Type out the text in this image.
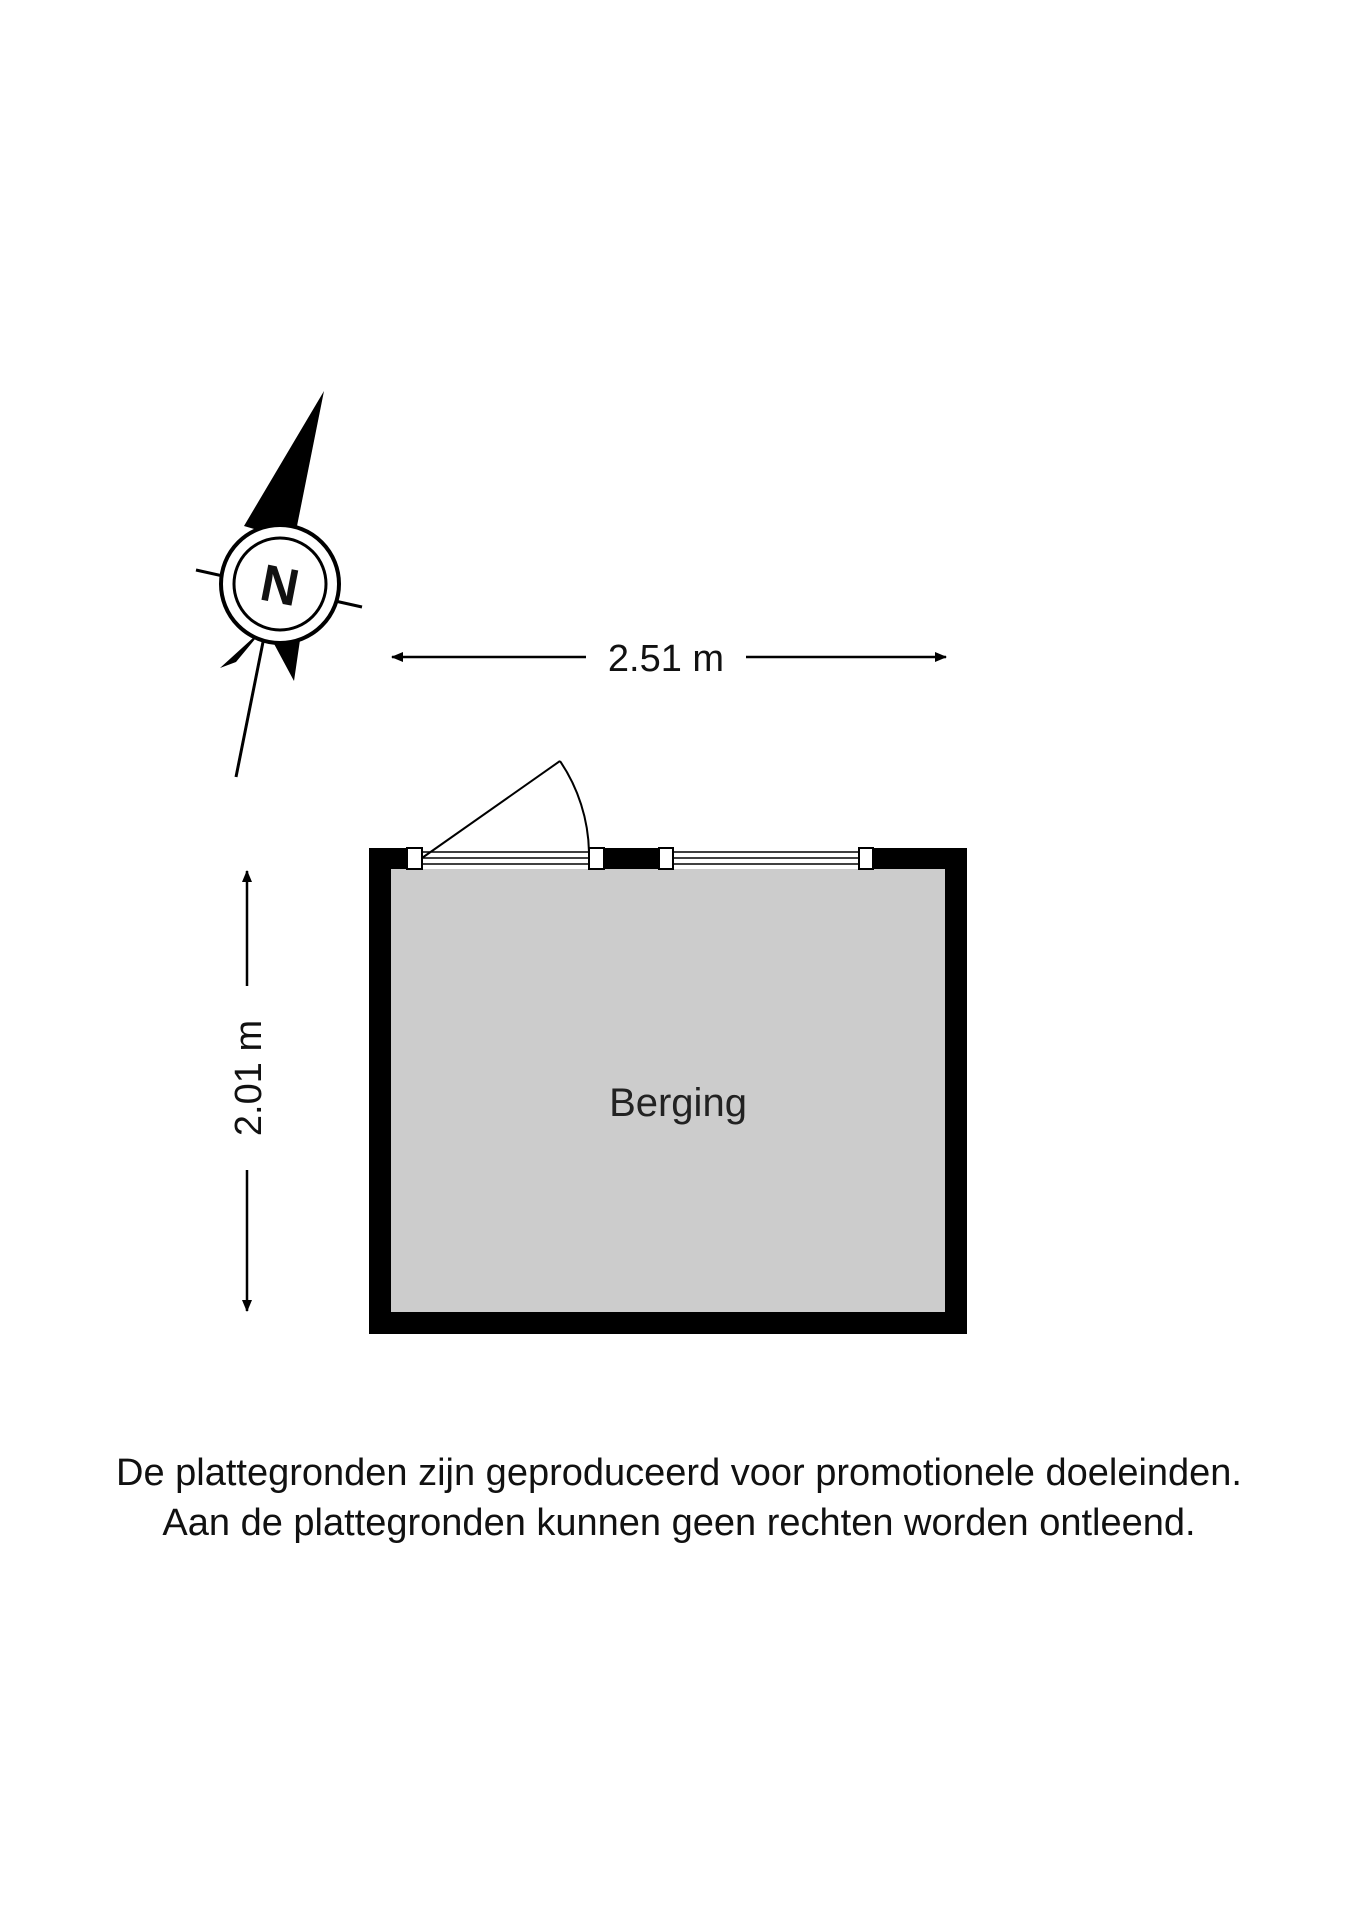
N
2.51 m
2.01 m	Berging
De plattegronden zijn geproduceerd voor promotionele doeleinden.
Aan de plattegronden kunnen geen rechten worden ontleend.
